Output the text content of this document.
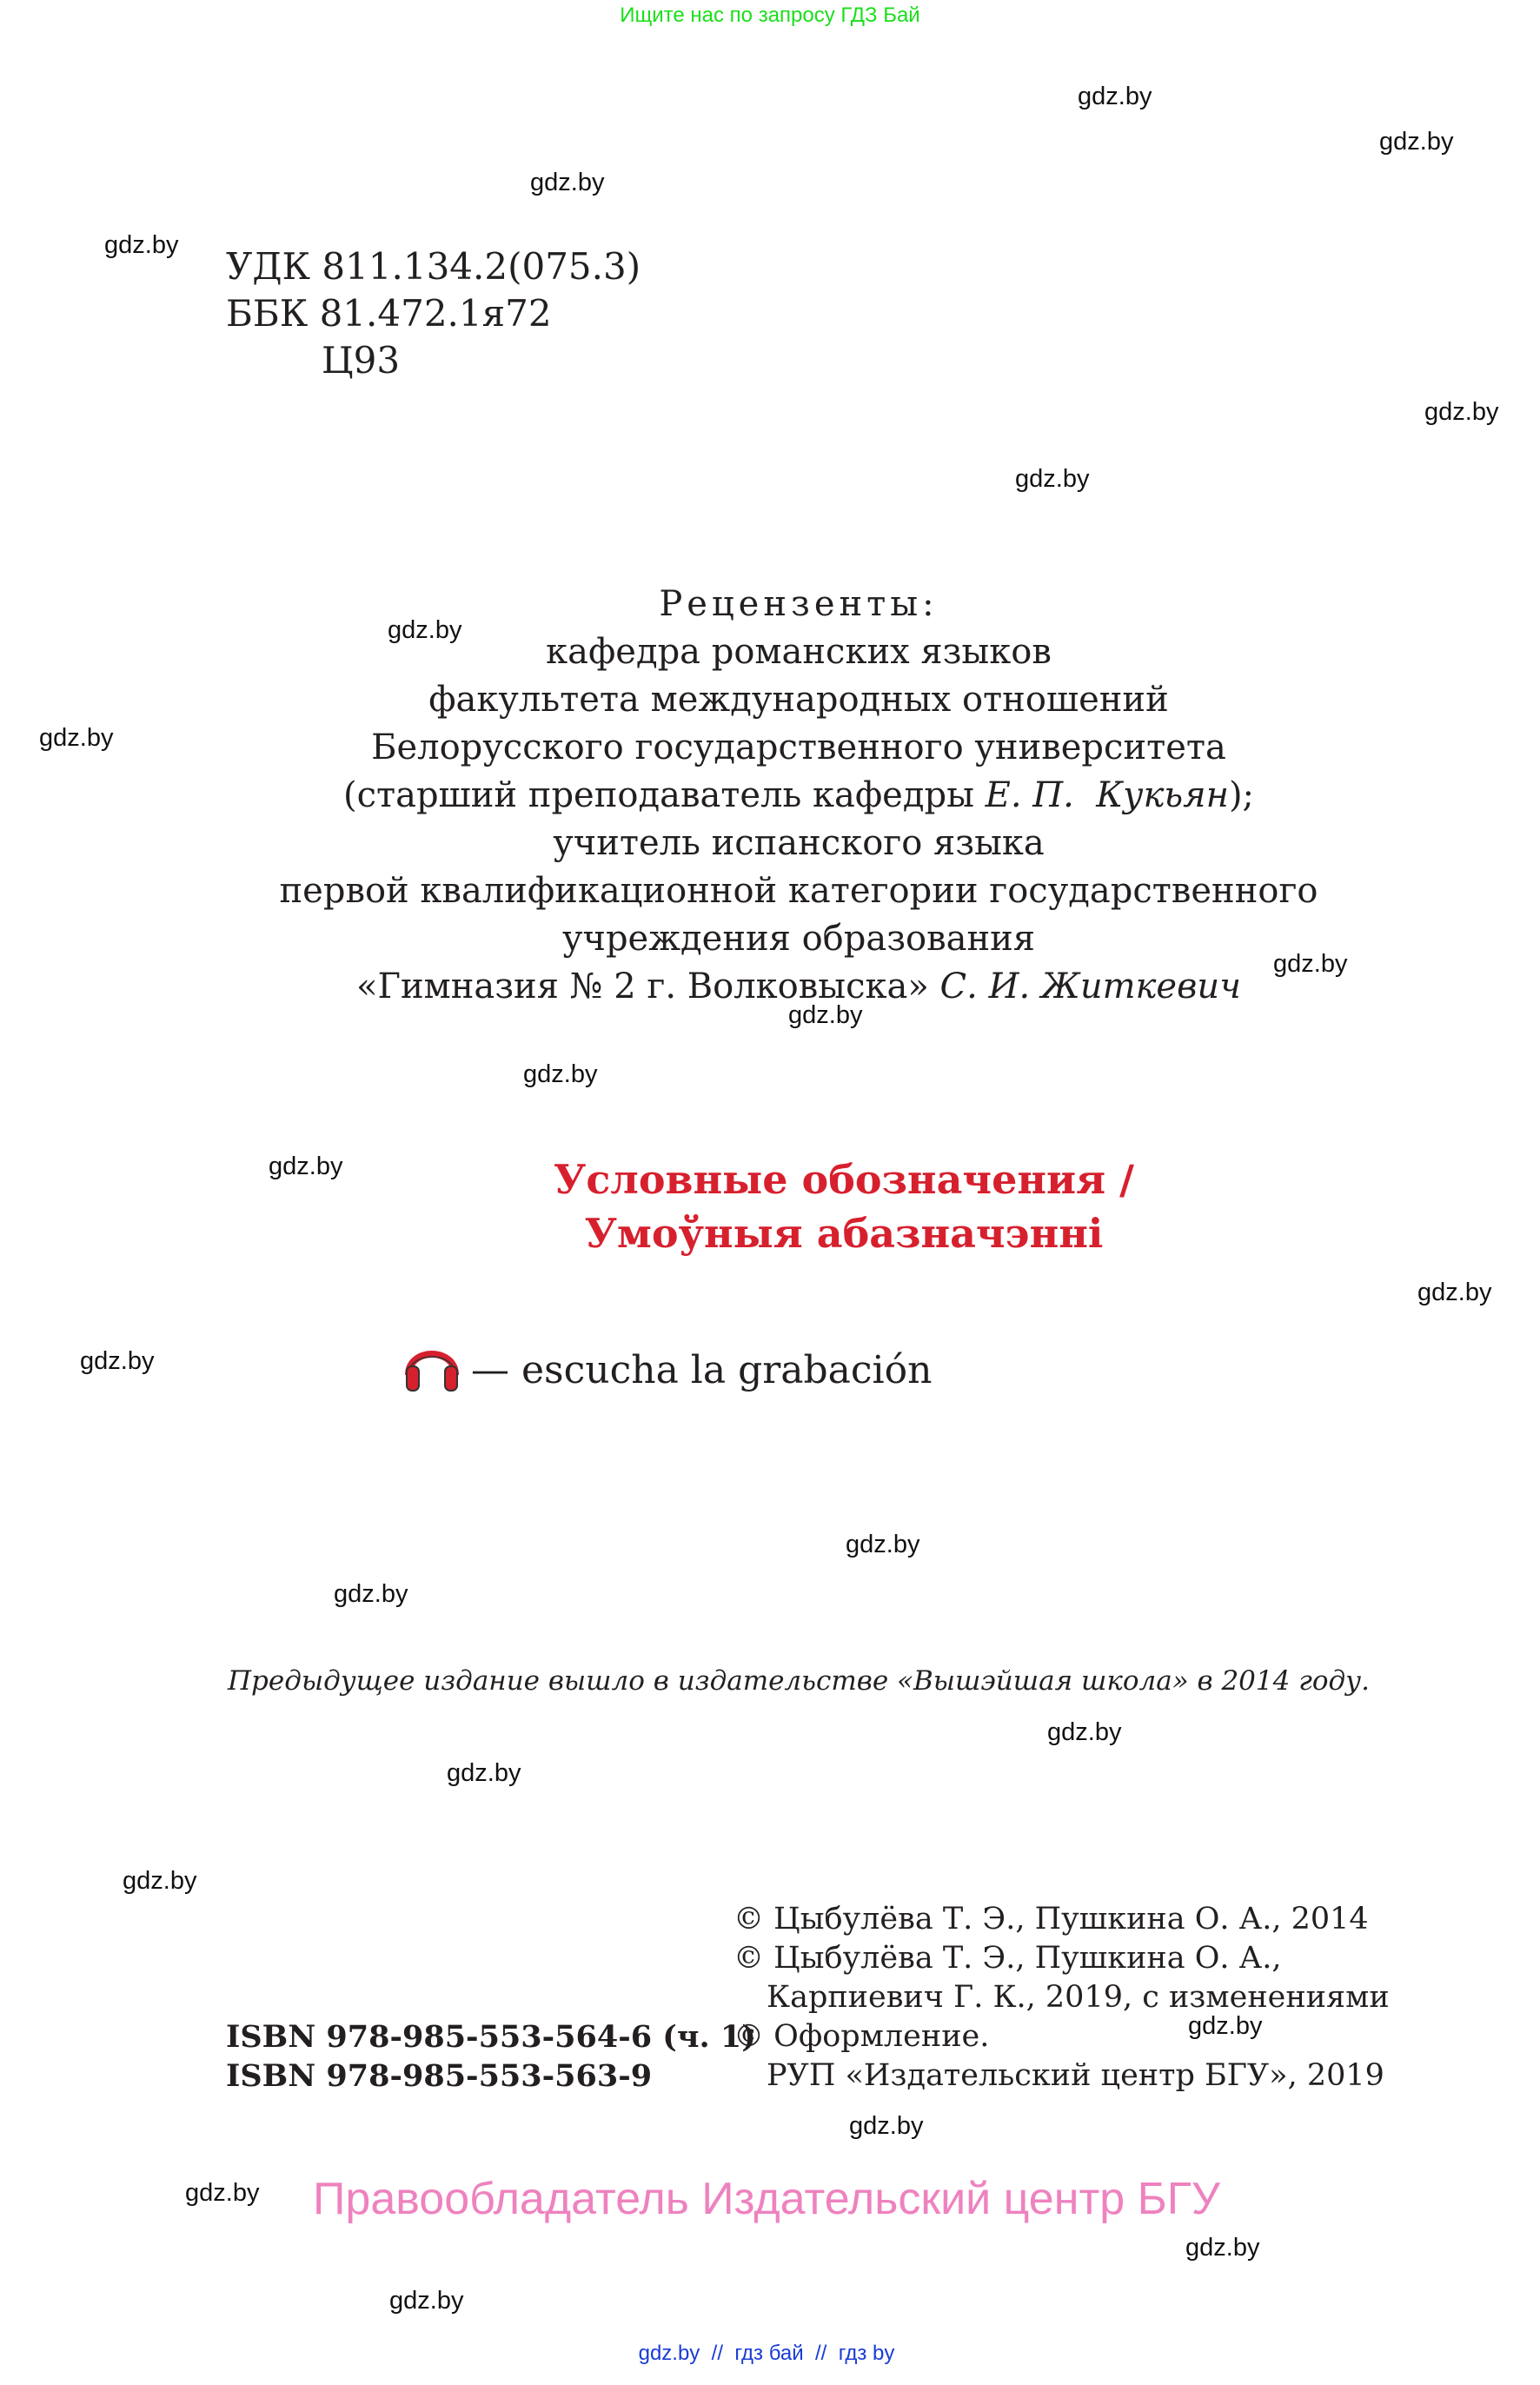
Ищите нас по запросу ГДЗ Бай
gdz.by
gdz.by
gdz.by
gdz.by
gdz.by
gdz.by
gdz.by
gdz.by
gdz.by
gdz.by
gdz.by
gdz.by
gdz.by
gdz.by
gdz.by
gdz.by
gdz.by
gdz.by
gdz.by
gdz.by
gdz.by
gdz.by
gdz.by
gdz.by
УДК 811.134.2(075.3)
ББК 81.472.1я72
Ц93
Рецензенты:
кафедра романских языков
факультета международных отношений
Белорусского государственного университета
(старший преподаватель кафедры Е. П.  Кукьян);
учитель испанского языка
первой квалификационной категории государственного
учреждения образования
«Гимназия № 2 г. Волковыска» С. И. Житкевич
Условные обозначения /
Умоўныя абазначэнні
— escucha la grabación
Предыдущее издание вышло в издательстве «Вышэйшая школа» в 2014 году.
© Цыбулёва Т. Э., Пушкина О. А., 2014
© Цыбулёва Т. Э., Пушкина О. А.,
Карпиевич Г. К., 2019, с изменениями
© Оформление.
РУП «Издательский центр БГУ», 2019
ISBN 978-985-553-564-6 (ч. 1)
ISBN 978-985-553-563-9
Правообладатель Издательский центр БГУ
gdz.by // гдз бай // гдз by
